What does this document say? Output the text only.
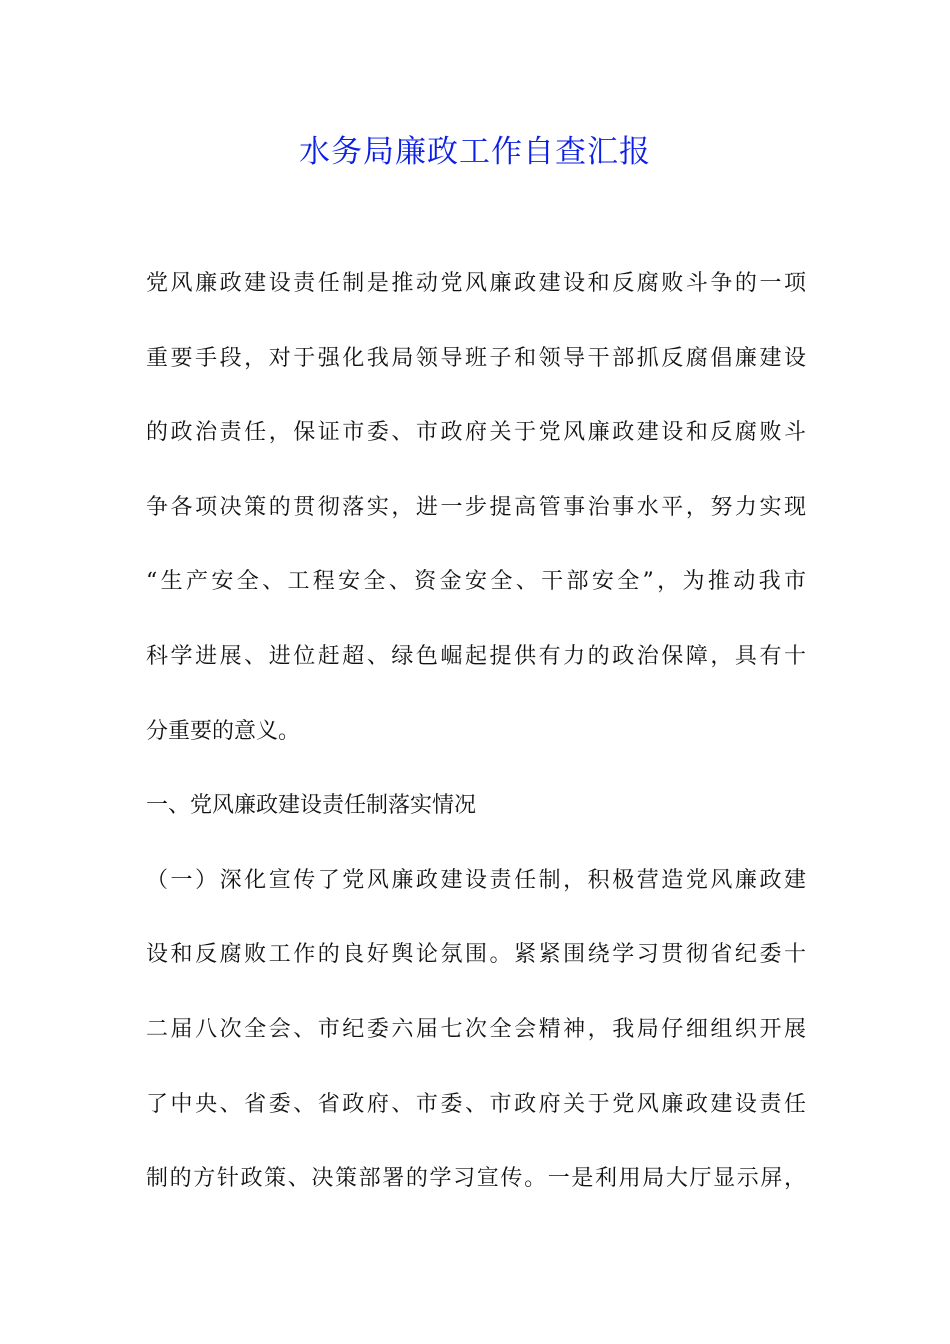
水务局廉政工作自查汇报
党风廉政建设责任制是推动党风廉政建设和反腐败斗争的一项
重要手段，对于强化我局领导班子和领导干部抓反腐倡廉建设
的政治责任，保证市委、市政府关于党风廉政建设和反腐败斗
争各项决策的贯彻落实，进一步提高管事治事水平，努力实现
“生产安全、工程安全、资金安全、干部安全”，为推动我市
科学进展、进位赶超、绿色崛起提供有力的政治保障，具有十
分重要的意义。
一、党风廉政建设责任制落实情况
（一）深化宣传了党风廉政建设责任制，积极营造党风廉政建
设和反腐败工作的良好舆论氛围。紧紧围绕学习贯彻省纪委十
二届八次全会、市纪委六届七次全会精神，我局仔细组织开展
了中央、省委、省政府、市委、市政府关于党风廉政建设责任
制的方针政策、决策部署的学习宣传。一是利用局大厅显示屏，
